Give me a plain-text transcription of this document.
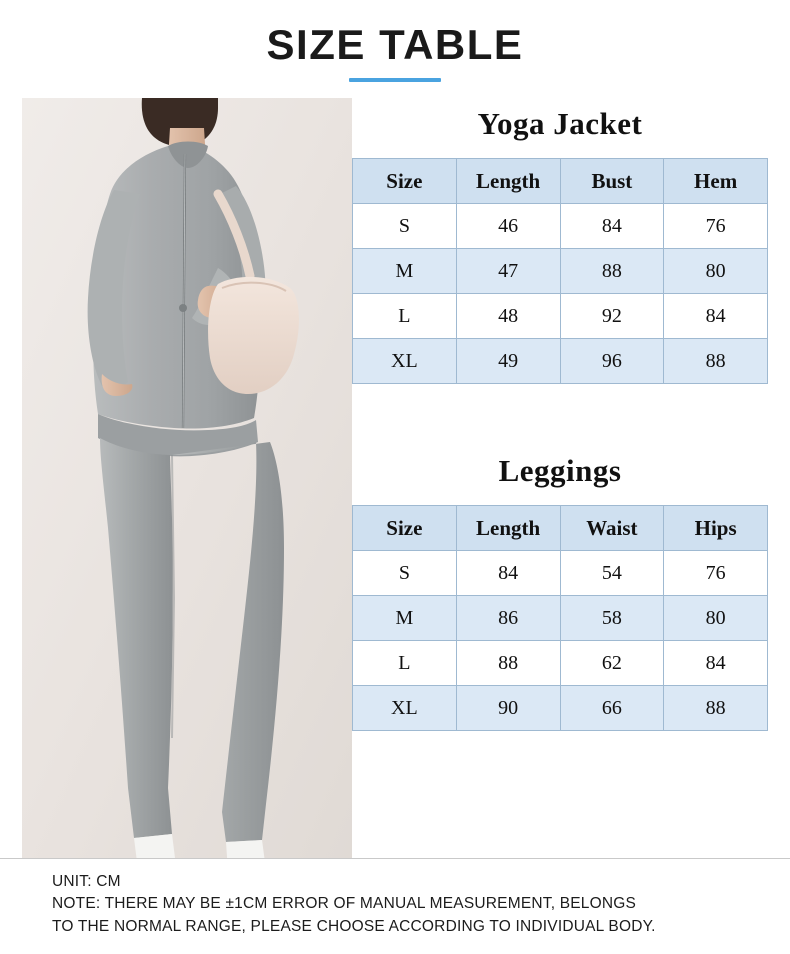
SIZE TABLE
Yoga Jacket
Size	Length	Bust	Hem
S	46	84	76
M	47	88	80
L	48	92	84
XL	49	96	88
Leggings
Size	Length	Waist	Hips
S	84	54	76
M	86	58	80
L	88	62	84
XL	90	66	88
UNIT: CM
NOTE: THERE MAY BE ±1CM ERROR OF MANUAL MEASUREMENT, BELONGS
TO THE NORMAL RANGE, PLEASE CHOOSE ACCORDING TO INDIVIDUAL BODY.
